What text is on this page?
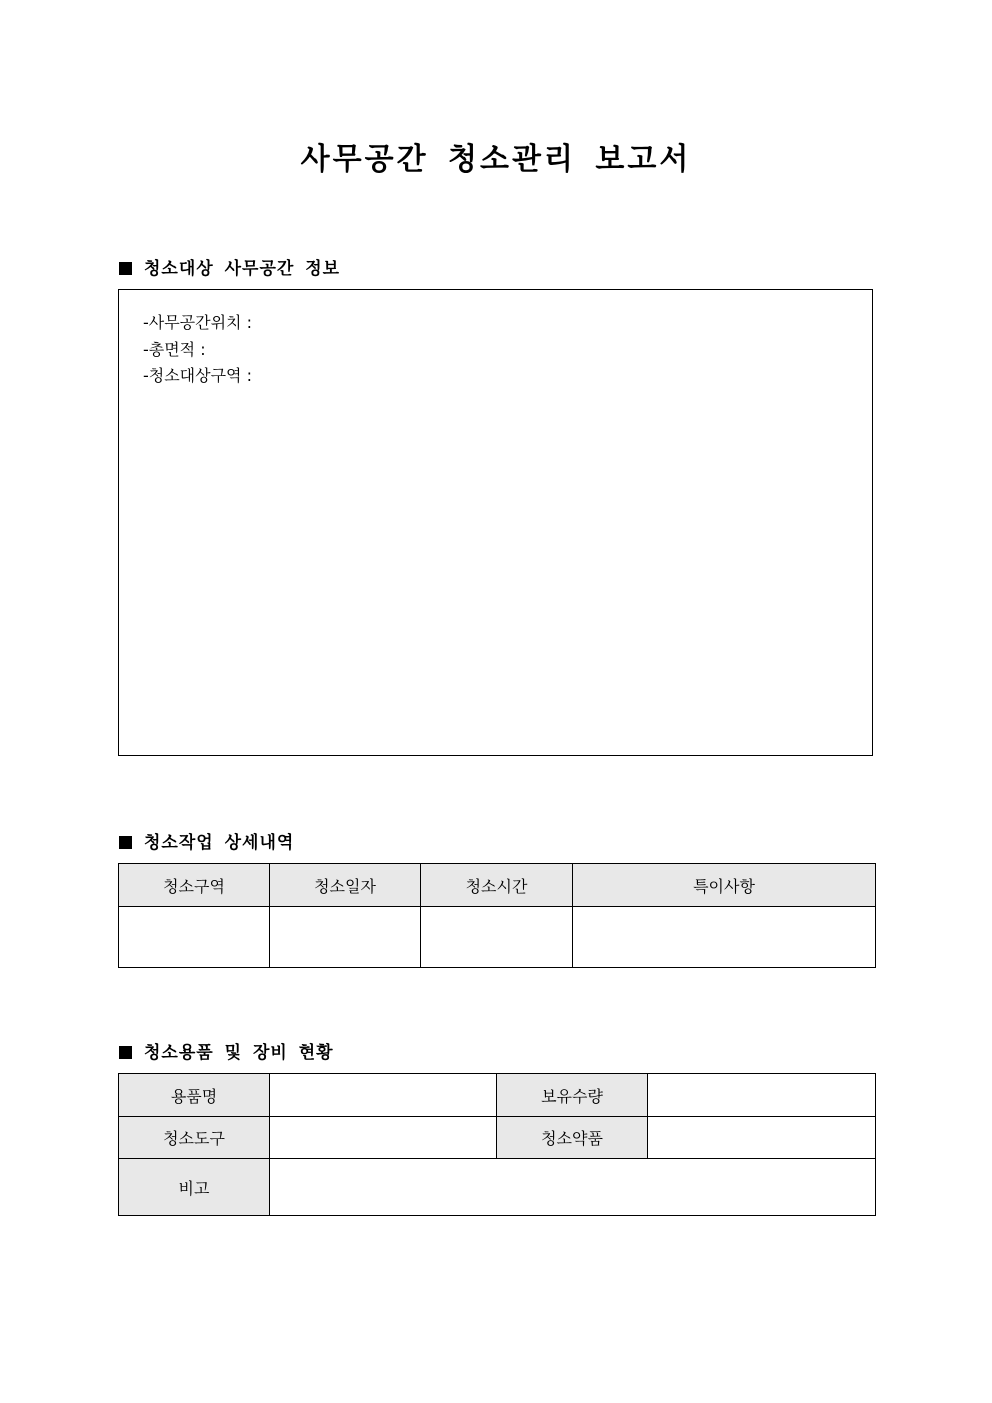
사무공간 청소관리 보고서
청소대상 사무공간 정보
-사무공간위치 :
-총면적 :
-청소대상구역 :
청소작업 상세내역
청소구역	청소일자	청소시간	특이사항

청소용품 및 장비 현황
용품명		보유수량	
청소도구		청소약품	
비고			
